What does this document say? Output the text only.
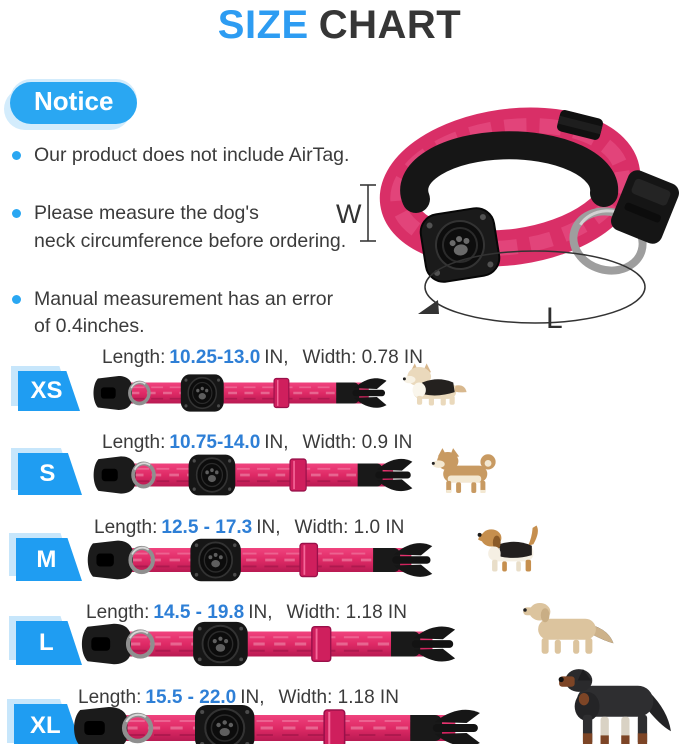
SIZE CHART
Notice
Our product does not include AirTag.
Please measure the dog's
neck circumference before ordering.
Manual measurement has an error
of 0.4inches.
W
L
Length: 10.25-13.0 IN, Width: 0.78 IN
XS
Length: 10.75-14.0 IN, Width: 0.9 IN
S
Length: 12.5 - 17.3 IN, Width: 1.0 IN
M
Length: 14.5 - 19.8 IN, Width: 1.18 IN
L
Length: 15.5 - 22.0 IN, Width: 1.18 IN
XL
